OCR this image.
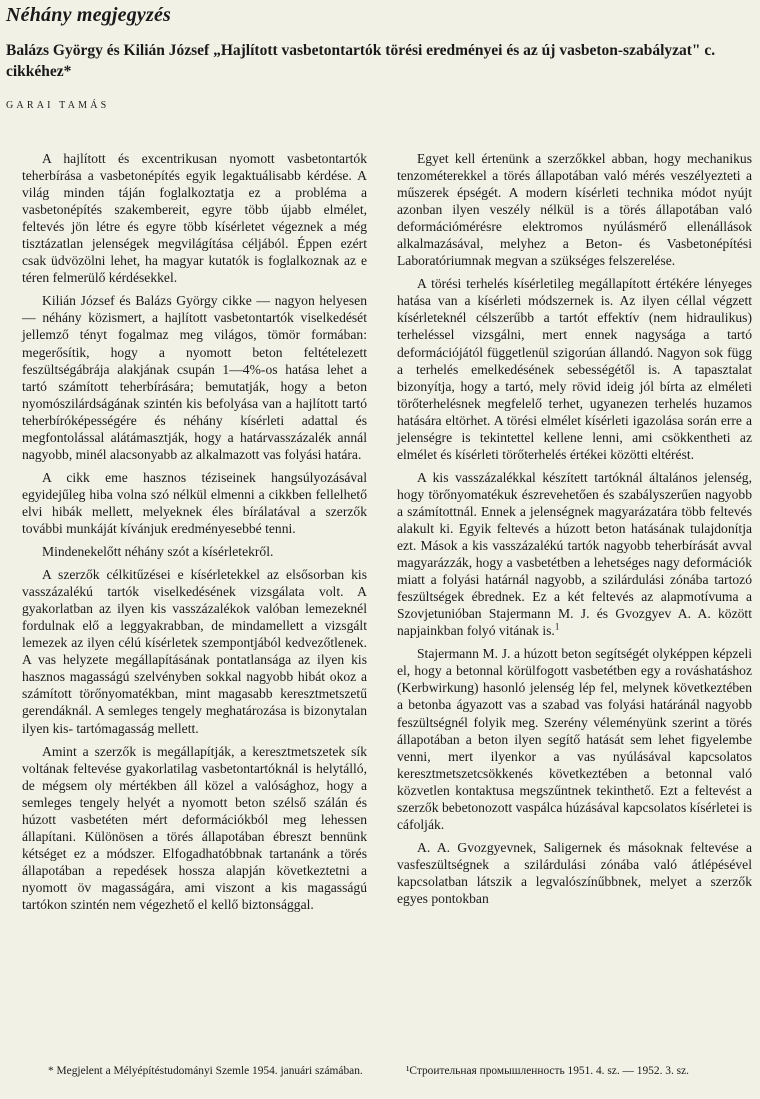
Néhány megjegyzés
Balázs György és Kilián József „Hajlított vasbetontartók törési eredményei és az új vasbeton-szabályzat" c. cikkéhez*
GARAI TAMÁS

A hajlított és excentrikusan nyomott vasbetontartók teherbírása a vasbetonépítés egyik legaktuálisabb kérdése. A világ minden táján foglalkoztatja ez a probléma a vasbetonépítés szakembereit, egyre több újabb elmélet, feltevés jön létre és egyre több kísérletet végeznek a még tisztázatlan jelenségek megvilágítása céljából. Éppen ezért csak üdvözölni lehet, ha magyar kutatók is foglalkoznak az e téren felmerülő kérdésekkel.

Kilián József és Balázs György cikke — nagyon helyesen — néhány közismert, a hajlított vasbetontartók viselkedését jellemző tényt fogalmaz meg világos, tömör formában: megerősítik, hogy a nyomott beton feltételezett feszültségábrája alakjának csupán 1—4%-os hatása lehet a tartó számított teherbírására; bemutatják, hogy a beton nyomószilárdságának szintén kis befolyása van a hajlított tartó teherbíróképességére és néhány kísérleti adattal és megfontolással alátámasztják, hogy a határvasszázalék annál nagyobb, minél alacsonyabb az alkalmazott vas folyási határa.

A cikk eme hasznos téziseinek hangsúlyozásával egyidejűleg hiba volna szó nélkül elmenni a cikkben fellelhető elvi hibák mellett, melyeknek éles bírálatával a szerzők további munkáját kívánjuk eredményesebbé tenni.

Mindenekelőtt néhány szót a kísérletekről.

A szerzők célkitűzései e kísérletekkel az elsősorban kis vasszázalékú tartók viselkedésének vizsgálata volt. A gyakorlatban az ilyen kis vasszázalékok valóban lemezeknél fordulnak elő a leggyakrabban, de mindamellett a vizsgált lemezek az ilyen célú kísérletek szempontjából kedvezőtlenek. A vas helyzete megállapításának pontatlansága az ilyen kis hasznos magasságú szelvényben sokkal nagyobb hibát okoz a számított törőnyomatékban, mint magasabb keresztmetszetű gerendáknál. A semleges tengely meghatározása is bizonytalan ilyen kis- tartómagasság mellett.

Amint a szerzők is megállapítják, a keresztmetszetek sík voltának feltevése gyakorlatilag vasbetontartóknál is helytálló, de mégsem oly mértékben áll közel a valósághoz, hogy a semleges tengely helyét a nyomott beton szélső szálán és húzott vasbetéten mért deformációkból meg lehessen állapítani. Különösen a törés állapotában ébreszt bennünk kétséget ez a módszer. Elfogadhatóbbnak tartanánk a törés állapotában a repedések hossza alapján következtetni a nyomott öv magasságára, ami viszont a kis magasságú tartókon szintén nem végezhető el kellő biztonsággal.

Egyet kell értenünk a szerzőkkel abban, hogy mechanikus tenzométerekkel a törés állapotában való mérés veszélyezteti a műszerek épségét. A modern kísérleti technika módot nyújt azonban ilyen veszély nélkül is a törés állapotában való deformációmérésre elektromos nyúlásmérő ellenállások alkalmazásával, melyhez a Beton- és Vasbetonépítési Laboratóriumnak megvan a szükséges felszerelése.

A törési terhelés kísérletileg megállapított értékére lényeges hatása van a kísérleti módszernek is. Az ilyen céllal végzett kísérleteknél célszerűbb a tartót effektív (nem hidraulikus) terheléssel vizsgálni, mert ennek nagysága a tartó deformációjától függetlenül szigorúan állandó. Nagyon sok függ a terhelés emelkedésének sebességétől is. A tapasztalat bizonyítja, hogy a tartó, mely rövid ideig jól bírta az elméleti törőterhelésnek megfelelő terhet, ugyanezen terhelés huzamos hatására eltörhet. A törési elmélet kísérleti igazolása során erre a jelenségre is tekintettel kellene lenni, ami csökkentheti az elmélet és kísérleti törőterhelés értékei közötti eltérést.

A kis vasszázalékkal készített tartóknál általános jelenség, hogy törőnyomatékuk észrevehetően és szabályszerűen nagyobb a számítottnál. Ennek a jelenségnek magyarázatára több feltevés alakult ki. Egyik feltevés a húzott beton hatásának tulajdonítja ezt. Mások a kis vasszázalékú tartók nagyobb teherbírását avval magyarázzák, hogy a vasbetétben a lehetséges nagy deformációk miatt a folyási határnál nagyobb, a szilárdulási zónába tartozó feszültségek ébrednek. Ez a két feltevés az alapmotívuma a Szovjetunióban Stajermann M. J. és Gvozgyev A. A. között napjainkban folyó vitának is.$^1$

Stajermann M. J. a húzott beton segítségét olyképpen képzeli el, hogy a betonnal körülfogott vasbetétben egy a rováshatáshoz (Kerbwirkung) hasonló jelenség lép fel, melynek következtében a betonba ágyazott vas a szabad vas folyási határánál nagyobb feszültségnél folyik meg. Szerény véleményünk szerint a törés állapotában a beton ilyen segítő hatását sem lehet figyelembe venni, mert ilyenkor a vas nyúlásával kapcsolatos keresztmetszetcsökkenés következtében a betonnal való közvetlen kontaktusa megszűntnek tekinthető. Ezt a feltevést a szerzők bebetonozott vaspálca húzásával kapcsolatos kísérletei is cáfolják.

A. A. Gvozgyevnek, Saligernek és másoknak feltevése a vasfeszültségnek a szilárdulási zónába való átlépésével kapcsolatban látszik a legvalószínűbbnek, melyet a szerzők egyes pontokban

* Megjelent a Mélyépítéstudományi Szemle 1954. januári számában.	¹Строительная промышленность 1951. 4. sz. — 1952. 3. sz.
